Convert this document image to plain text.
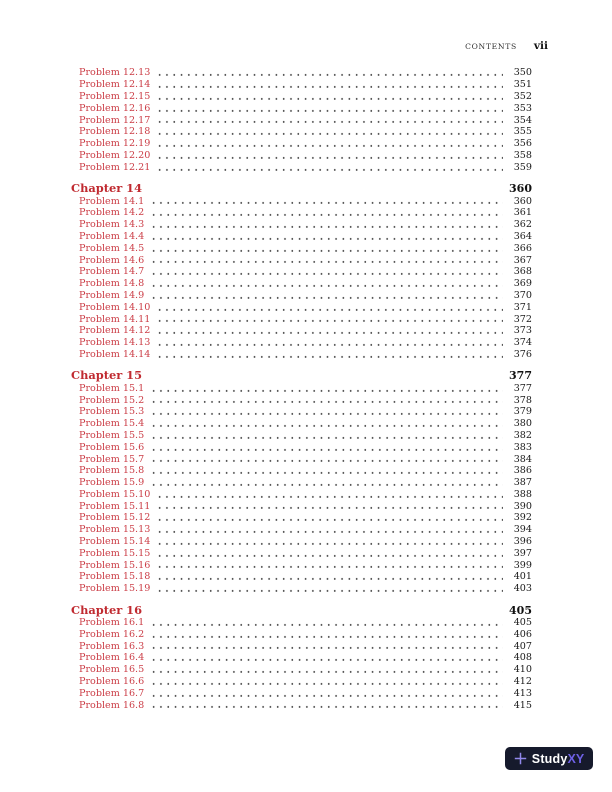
CONTENTS vii
Problem 12.13	350
Problem 12.14	351
Problem 12.15	352
Problem 12.16	353
Problem 12.17	354
Problem 12.18	355
Problem 12.19	356
Problem 12.20	358
Problem 12.21	359
Chapter 14	360
Problem 14.1	360
Problem 14.2	361
Problem 14.3	362
Problem 14.4	364
Problem 14.5	366
Problem 14.6	367
Problem 14.7	368
Problem 14.8	369
Problem 14.9	370
Problem 14.10	371
Problem 14.11	372
Problem 14.12	373
Problem 14.13	374
Problem 14.14	376
Chapter 15	377
Problem 15.1	377
Problem 15.2	378
Problem 15.3	379
Problem 15.4	380
Problem 15.5	382
Problem 15.6	383
Problem 15.7	384
Problem 15.8	386
Problem 15.9	387
Problem 15.10	388
Problem 15.11	390
Problem 15.12	392
Problem 15.13	394
Problem 15.14	396
Problem 15.15	397
Problem 15.16	399
Problem 15.18	401
Problem 15.19	403
Chapter 16	405
Problem 16.1	405
Problem 16.2	406
Problem 16.3	407
Problem 16.4	408
Problem 16.5	410
Problem 16.6	412
Problem 16.7	413
Problem 16.8	415
Study XY
